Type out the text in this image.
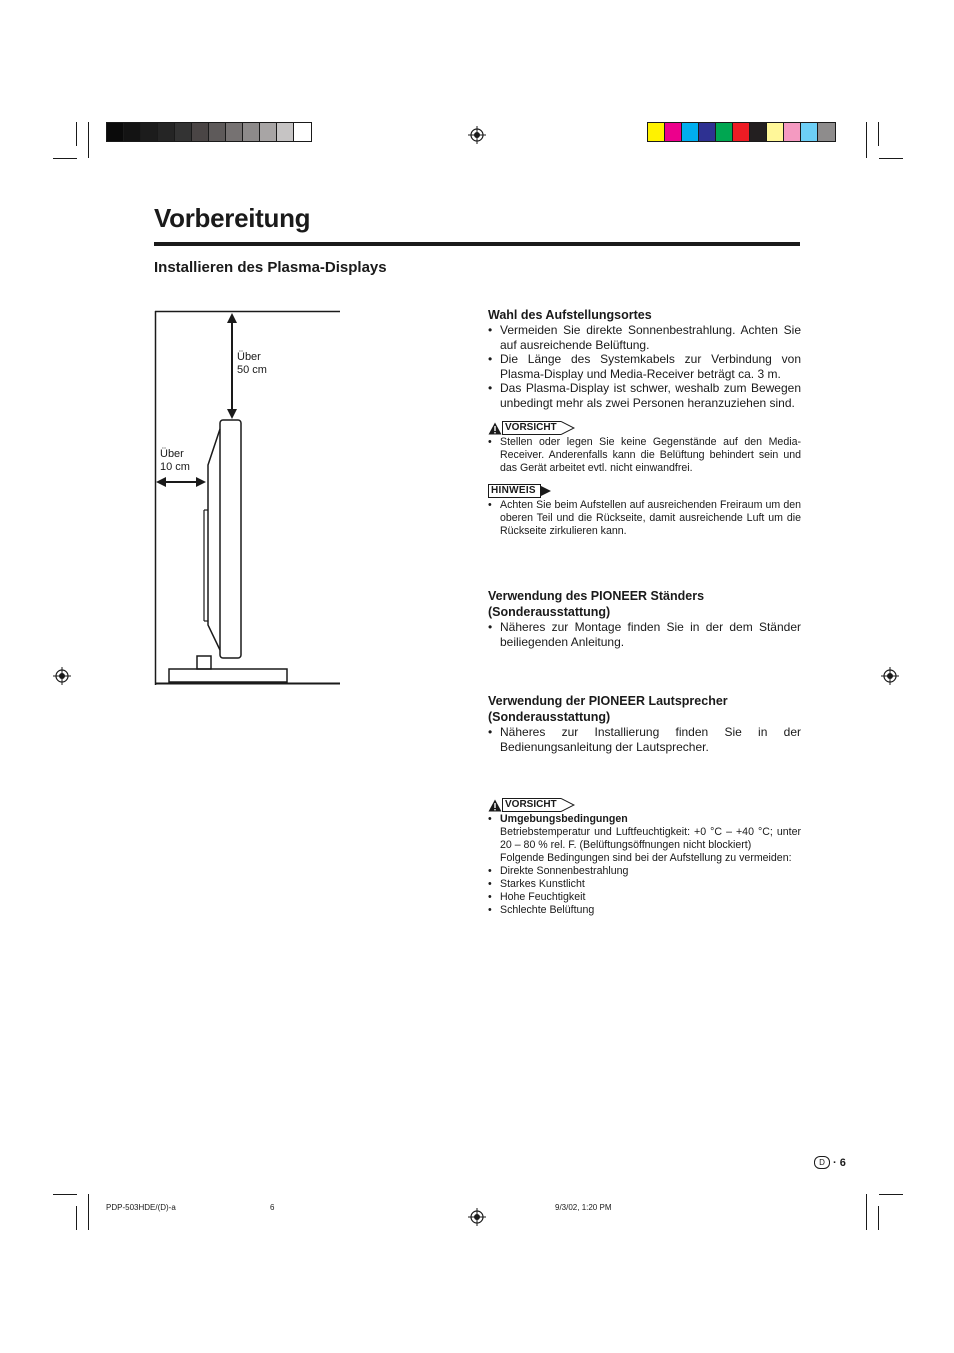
Vorbereitung
Installieren des Plasma-Displays
Über
50 cm
Über
10 cm

Wahl des Aufstellungsortes

• Vermeiden Sie direkte Sonnenbestrahlung. Achten Sie auf ausreichende Belüftung.
• Die Länge des Systemkabels zur Verbindung von Plasma-Display und Media-Receiver beträgt ca. 3 m.
• Das Plasma-Display ist schwer, weshalb zum Bewegen unbedingt mehr als zwei Personen heranzuziehen sind.
VORSICHT
• Stellen oder legen Sie keine Gegenstände auf den Media-Receiver. Anderenfalls kann die Belüftung behindert sein und das Gerät arbeitet evtl. nicht einwandfrei.
HINWEIS
• Achten Sie beim Aufstellen auf ausreichenden Freiraum um den oberen Teil und die Rückseite, damit ausreichende Luft um die Rückseite zirkulieren kann.

Verwendung des PIONEER Ständers

(Sonderausstattung)

• Näheres zur Montage finden Sie in der dem Ständer beiliegenden Anleitung.

Verwendung der PIONEER Lautsprecher

(Sonderausstattung)

• Näheres zur Installierung finden Sie in der Bedienungsanleitung der Lautsprecher.
VORSICHT
• Umgebungsbedingungen
Betriebstemperatur und Luftfeuchtigkeit: +0 °C – +40 °C; unter 20 – 80 % rel. F. (Belüftungsöffnungen nicht blockiert)
Folgende Bedingungen sind bei der Aufstellung zu vermeiden:
• Direkte Sonnenbestrahlung
• Starkes Kunstlicht
• Hohe Feuchtigkeit
• Schlechte Belüftung
D · 6
PDP-503HDE/(D)-a	6	9/3/02, 1:20 PM
